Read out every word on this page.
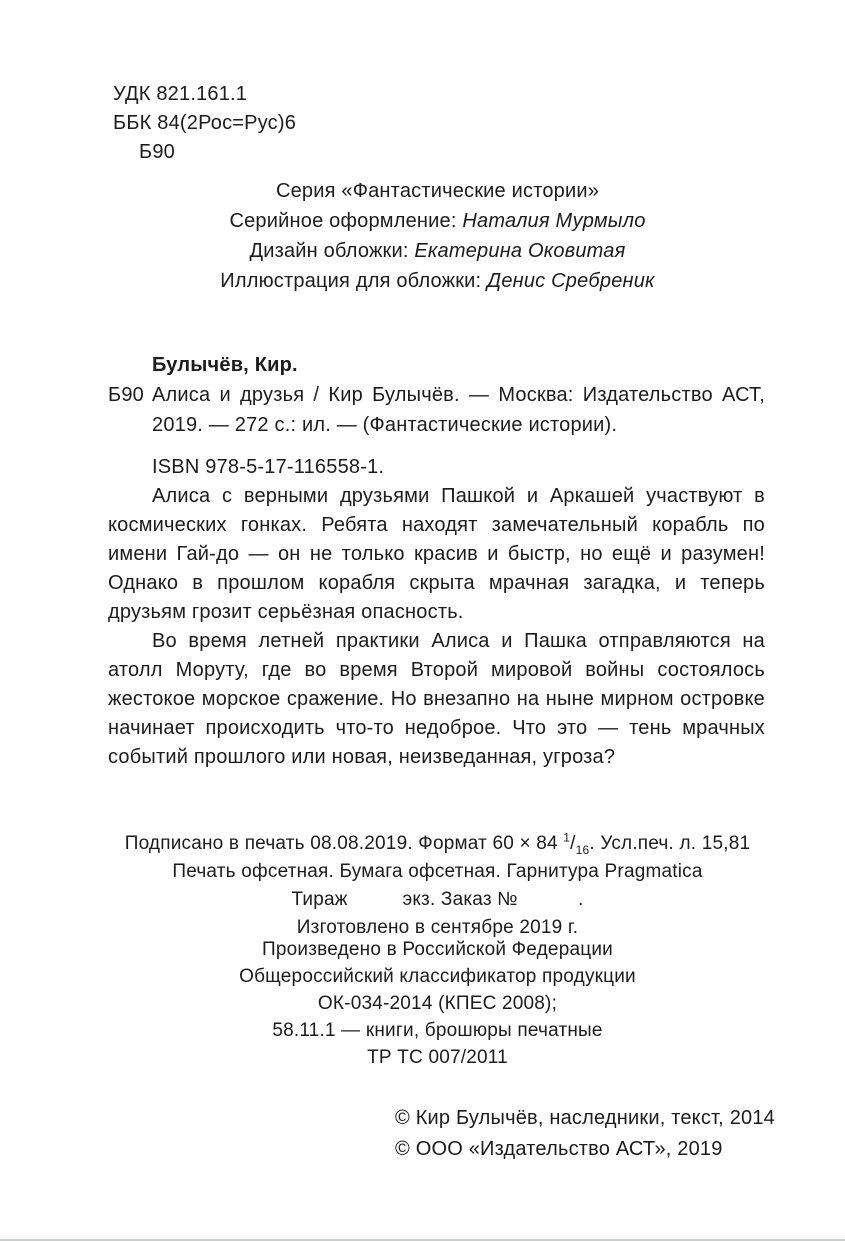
УДК 821.161.1
ББК 84(2Рос=Рус)6
Б90
Серия «Фантастические истории»
Серийное оформление: Наталия Мурмыло
Дизайн обложки: Екатерина Оковитая
Иллюстрация для обложки: Денис Сребреник
Булычёв, Кир.
Б90 Алиса и друзья / Кир Булычёв. — Москва: Издательство АСТ, 2019. — 272 с.: ил. — (Фантастические истории).

ISBN 978-5-17-116558-1.

Алиса с верными друзьями Пашкой и Аркашей участвуют в космических гонках. Ребята находят замечательный корабль по имени Гай-до — он не только красив и быстр, но ещё и разумен! Однако в прошлом корабля скрыта мрачная загадка, и теперь друзьям грозит серьёзная опасность.

Во время летней практики Алиса и Пашка отправляются на атолл Моруту, где во время Второй мировой войны состоялось жестокое морское сражение. Но внезапно на ныне мирном островке начинает происходить что-то недоброе. Что это — тень мрачных событий прошлого или новая, неизведанная, угроза?

Подписано в печать 08.08.2019. Формат 60 × 84 $^1/_{16}$. Усл.печ. л. 15,81
Печать офсетная. Бумага офсетная. Гарнитура Pragmatica
Тираж          экз. Заказ №           .
Изготовлено в сентябре 2019 г.
Произведено в Российской Федерации
Общероссийский классификатор продукции
ОК-034-2014 (КПЕС 2008);
58.11.1 — книги, брошюры печатные
ТР ТС 007/2011
© Кир Булычёв, наследники, текст, 2014
© ООО «Издательство АСТ», 2019
